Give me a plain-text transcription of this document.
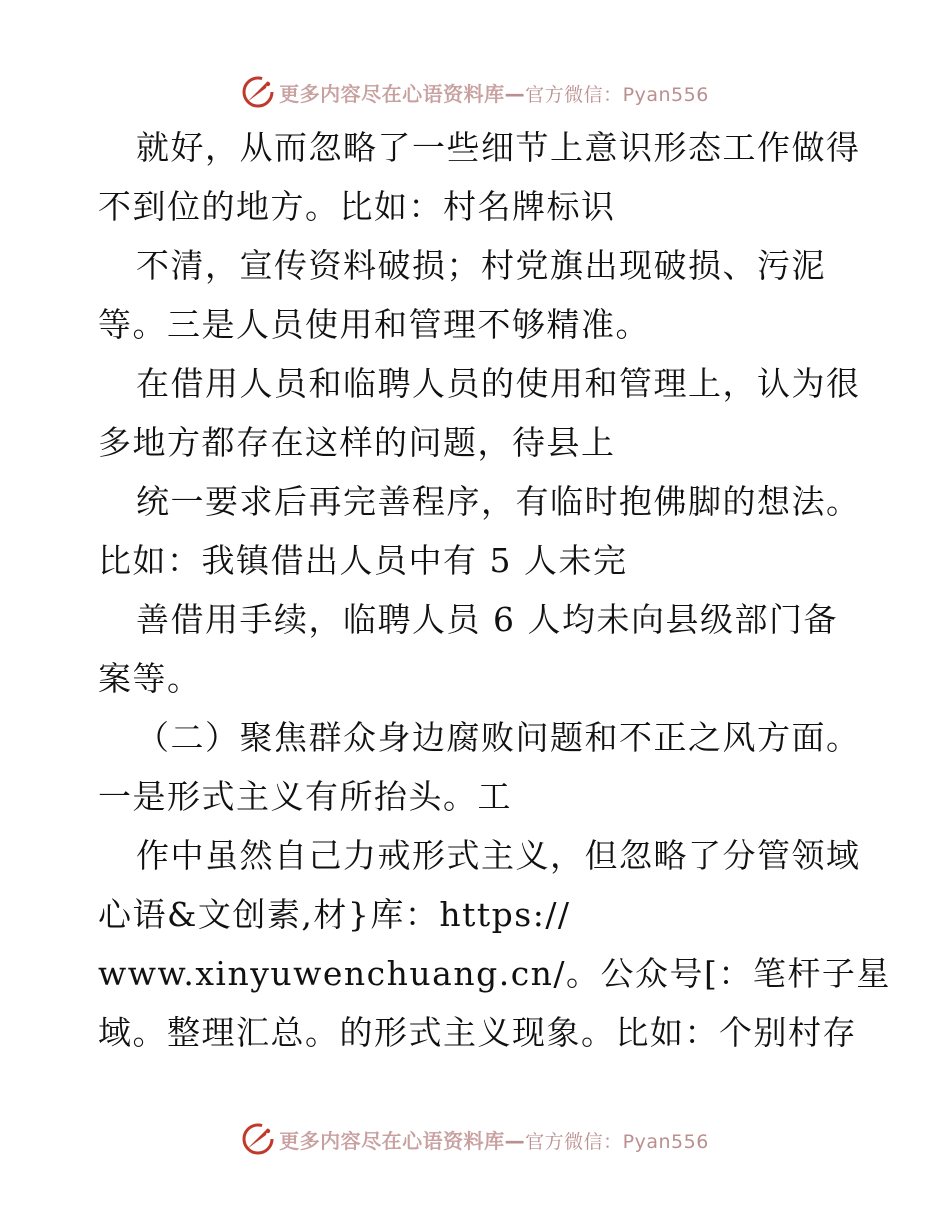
更多内容尽在心语资料库—官方微信：Pyan556
就好，从而忽略了一些细节上意识形态工作做得
不到位的地方。比如：村名牌标识
不清，宣传资料破损；村党旗出现破损、污泥
等。三是人员使用和管理不够精准。
在借用人员和临聘人员的使用和管理上，认为很
多地方都存在这样的问题，待县上
统一要求后再完善程序，有临时抱佛脚的想法。
比如：我镇借出人员中有 5 人未完
善借用手续，临聘人员 6 人均未向县级部门备
案等。
（二）聚焦群众身边腐败问题和不正之风方面。
一是形式主义有所抬头。工
作中虽然自己力戒形式主义，但忽略了分管领域
心语&文创素,材}库：https://
www.xinyuwenchuang.cn/。公众号[：笔杆子星
域。整理汇总。的形式主义现象。比如：个别村存
更多内容尽在心语资料库—官方微信：Pyan556
